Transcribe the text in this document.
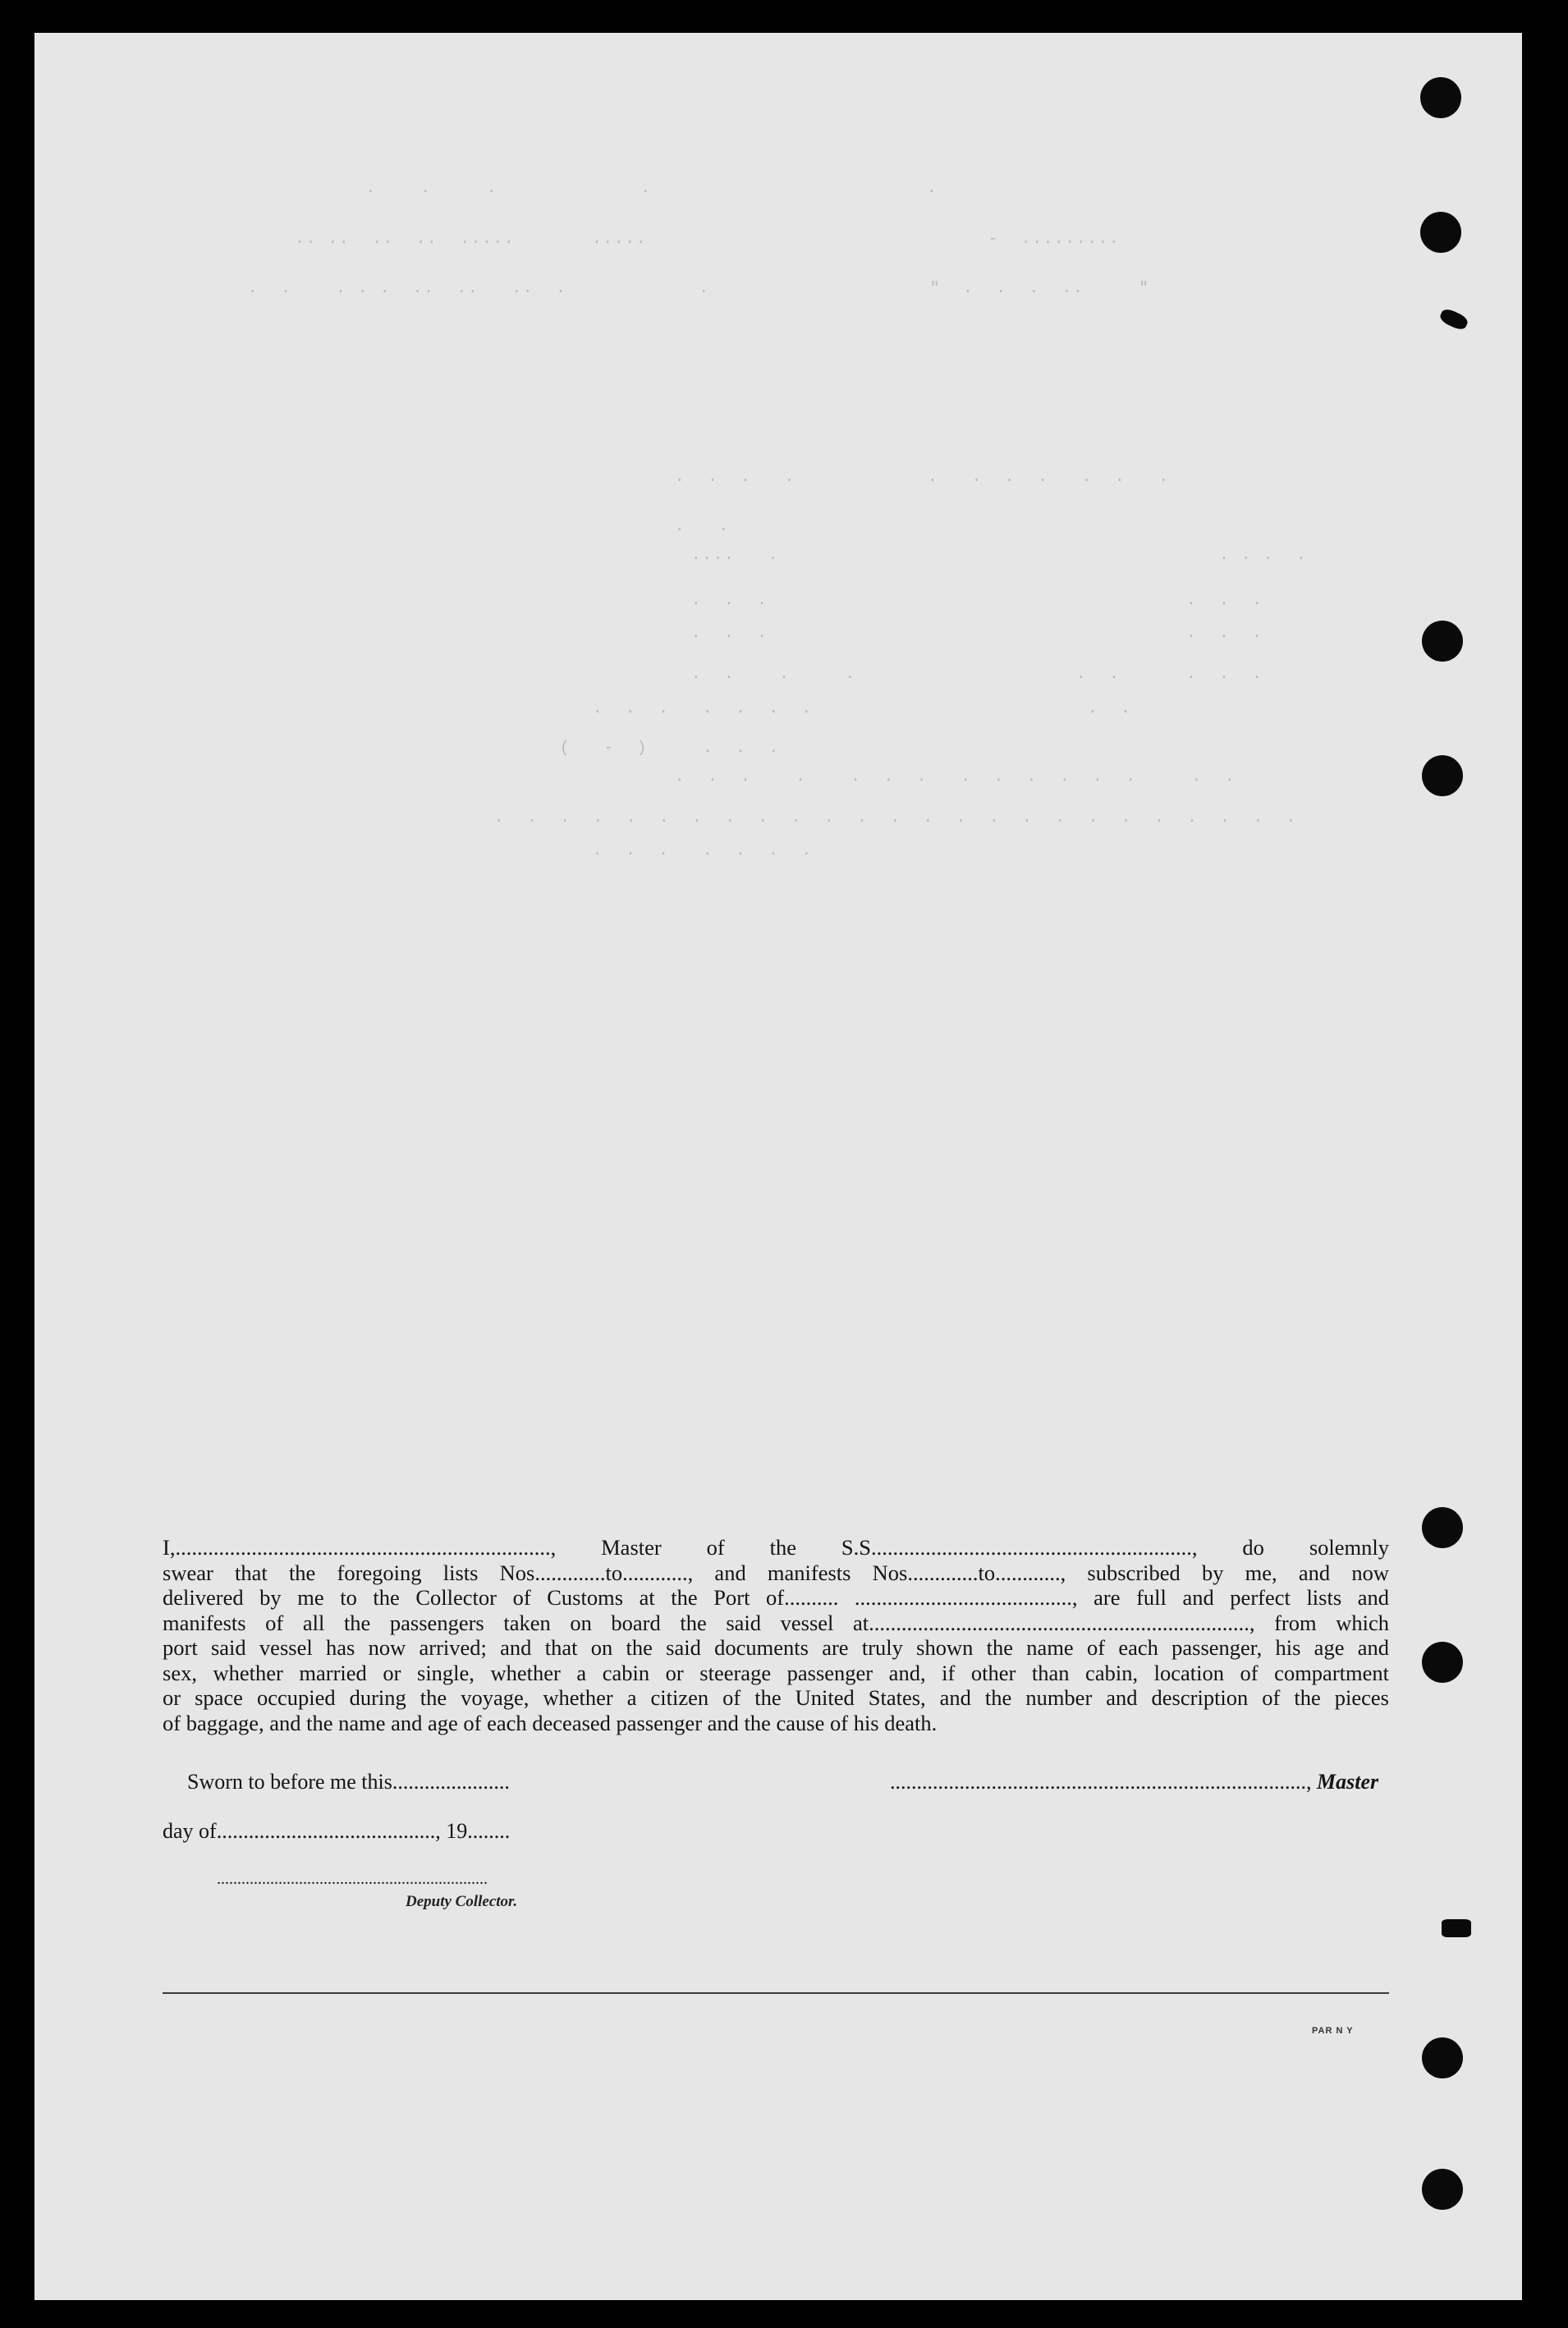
.    .     .             .                         .
.. ..  ..  ..  .....       .....                               -  .........
.  .    . . .  ..  ..   ..  .            .                    "  .  .  .  ..     "
.  .  .   .            .   .  .  .   .  .   .
.   .
....   .                                        . . .  .
.  .  .                                      .  .  .
.  .  .                                      .  .  .
.  .    .     .                    .  .      .  .  .
.  .  .   .  .  .  .                         .  .
(   -  )     .  .  .
.  .  .    .    .  .  .   .  .  .  .  .  .     .  .
.  .  .  .  .  .  .  .  .  .  .  .  .  .  .  .  .  .  .  .  .  .  .  .  .
.  .  .   .  .  .  .
I,....................................................................., Master of the S.S..........................................................., do solemnly
swear that the foregoing lists Nos.............to............, and manifests Nos.............to............, subscribed by me, and now
delivered by me to the Collector of Customs at the Port of.......... ........................................, are full and perfect lists and
manifests of all the passengers taken on board the said vessel at......................................................................, from which
port said vessel has now arrived; and that on the said documents are truly shown the name of each passenger, his age and
sex, whether married or single, whether a cabin or steerage passenger and, if other than cabin, location of compartment
or space occupied during the voyage, whether a citizen of the United States, and the number and description of the pieces
of baggage, and the name and age of each deceased passenger and the cause of his death.
Sworn to before me this......................	.............................................................................., Master
day of........................................., 19........
..................................................................
Deputy Collector.
PAR N Y
